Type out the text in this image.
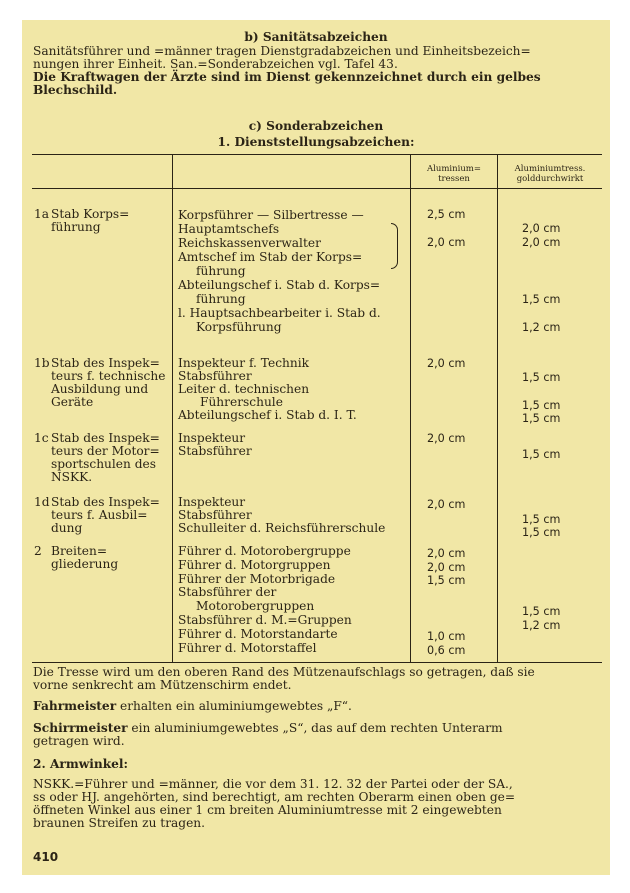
b) Sanitätsabzeichen

Sanitätsführer und =männer tragen Dienstgradabzeichen und Einheitsbezeich=

nungen ihrer Einheit. San.=Sonderabzeichen vgl. Tafel 43.

Die Kraftwagen der Ärzte sind im Dienst gekennzeichnet durch ein gelbes

Blechschild.

c) Sonderabzeichen
1. Dienststellungsabzeichen:
Aluminium=
tressen
Aluminiumtress.
golddurchwirkt
1a Stab Korps=
führung
Korpsführer — Silbertresse —
Hauptamtschefs
Reichskassenverwalter
Amtschef im Stab der Korps=
führung
Abteilungschef i. Stab d. Korps=
führung
l. Hauptsachbearbeiter i. Stab d.
Korpsführung
2,5 cm
2,0 cm
2,0 cm
2,0 cm
1,5 cm
1,2 cm
1b Stab des Inspek=
teurs f. technische
Ausbildung und
Geräte
Inspekteur f. Technik
Stabsführer
Leiter d. technischen
Führerschule
Abteilungschef i. Stab d. I. T.
2,0 cm
1,5 cm
1,5 cm
1,5 cm
1c Stab des Inspek=
teurs der Motor=
sportschulen des
NSKK.
Inspekteur
Stabsführer
2,0 cm
1,5 cm
1d Stab des Inspek=
teurs f. Ausbil=
dung
Inspekteur
Stabsführer
Schulleiter d. Reichsführerschule
2,0 cm
1,5 cm
1,5 cm
2 Breiten=
gliederung
Führer d. Motorobergruppe
Führer d. Motorgruppen
Führer der Motorbrigade
Stabsführer der
Motorobergruppen
Stabsführer d. M.=Gruppen
Führer d. Motorstandarte
Führer d. Motorstaffel
2,0 cm
2,0 cm
1,5 cm
1,0 cm
0,6 cm
1,5 cm
1,2 cm

Die Tresse wird um den oberen Rand des Mützenaufschlags so getragen, daß sie

vorne senkrecht am Mützenschirm endet.

Fahrmeister erhalten ein aluminiumgewebtes „F“.

Schirrmeister ein aluminiumgewebtes „S“, das auf dem rechten Unterarm

getragen wird.

2. Armwinkel:

NSKK.=Führer und =männer, die vor dem 31. 12. 32 der Partei oder der SA.,

ss oder HJ. angehörten, sind berechtigt, am rechten Oberarm einen oben ge=

öffneten Winkel aus einer 1 cm breiten Aluminiumtresse mit 2 eingewebten

braunen Streifen zu tragen.

410
